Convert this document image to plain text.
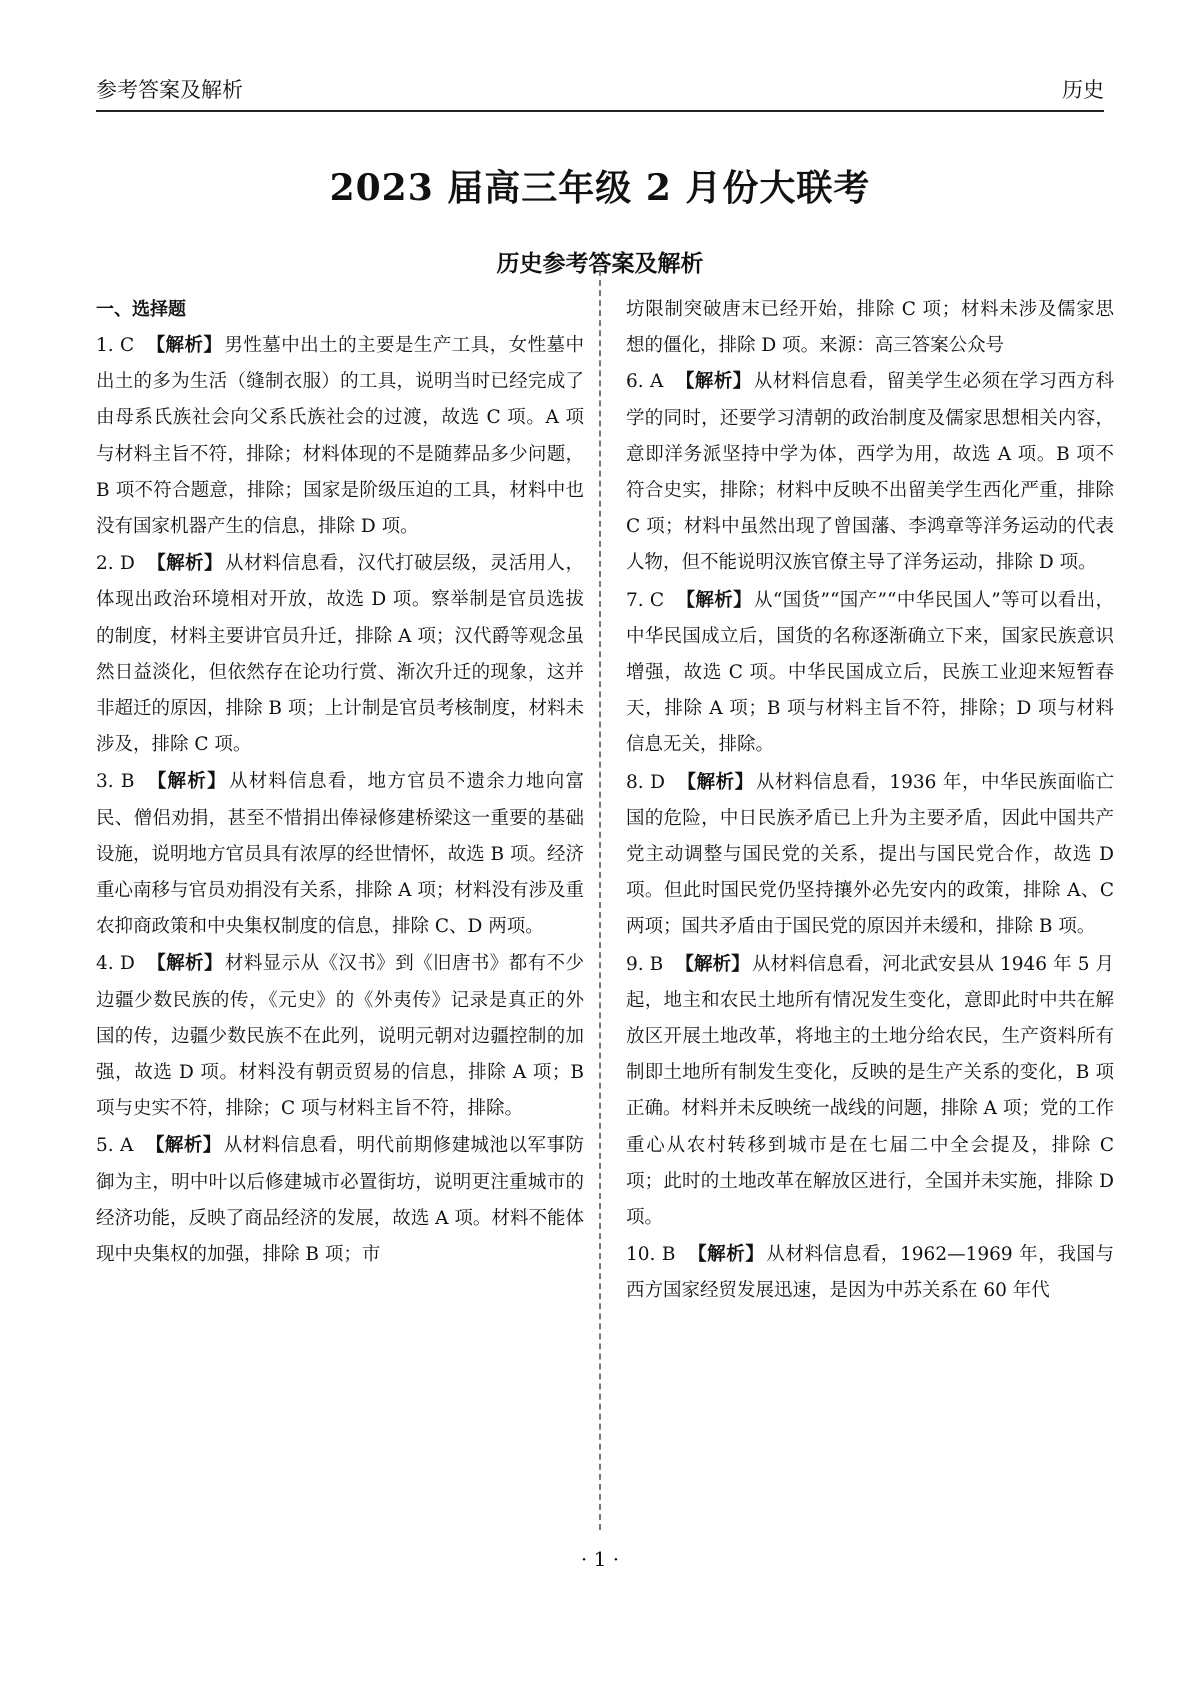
参考答案及解析	历史
2023 届高三年级 2 月份大联考
历史参考答案及解析
一、选择题
1. C 【解析】 男性墓中出土的主要是生产工具，女性墓中出土的多为生活（缝制衣服）的工具，说明当时已经完成了由母系氏族社会向父系氏族社会的过渡，故选 C 项。A 项与材料主旨不符，排除；材料体现的不是随葬品多少问题，B 项不符合题意，排除；国家是阶级压迫的工具，材料中也没有国家机器产生的信息，排除 D 项。
2. D 【解析】 从材料信息看，汉代打破层级，灵活用人，体现出政治环境相对开放，故选 D 项。察举制是官员选拔的制度，材料主要讲官员升迁，排除 A 项；汉代爵等观念虽然日益淡化，但依然存在论功行赏、渐次升迁的现象，这并非超迁的原因，排除 B 项；上计制是官员考核制度，材料未涉及，排除 C 项。
3. B 【解析】 从材料信息看，地方官员不遗余力地向富民、僧侣劝捐，甚至不惜捐出俸禄修建桥梁这一重要的基础设施，说明地方官员具有浓厚的经世情怀，故选 B 项。经济重心南移与官员劝捐没有关系，排除 A 项；材料没有涉及重农抑商政策和中央集权制度的信息，排除 C、D 两项。
4. D 【解析】 材料显示从《汉书》到《旧唐书》都有不少边疆少数民族的传，《元史》的《外夷传》记录是真正的外国的传，边疆少数民族不在此列，说明元朝对边疆控制的加强，故选 D 项。材料没有朝贡贸易的信息，排除 A 项；B 项与史实不符，排除；C 项与材料主旨不符，排除。
5. A 【解析】 从材料信息看，明代前期修建城池以军事防御为主，明中叶以后修建城市必置街坊，说明更注重城市的经济功能，反映了商品经济的发展，故选 A 项。材料不能体现中央集权的加强，排除 B 项；市

坊限制突破唐末已经开始，排除 C 项；材料未涉及儒家思想的僵化，排除 D 项。来源：高三答案公众号

6. A 【解析】 从材料信息看，留美学生必须在学习西方科学的同时，还要学习清朝的政治制度及儒家思想相关内容，意即洋务派坚持中学为体，西学为用，故选 A 项。B 项不符合史实，排除；材料中反映不出留美学生西化严重，排除 C 项；材料中虽然出现了曾国藩、李鸿章等洋务运动的代表人物，但不能说明汉族官僚主导了洋务运动，排除 D 项。
7. C 【解析】 从“国货”“国产”“中华民国人”等可以看出，中华民国成立后，国货的名称逐渐确立下来，国家民族意识增强，故选 C 项。中华民国成立后，民族工业迎来短暂春天，排除 A 项；B 项与材料主旨不符，排除；D 项与材料信息无关，排除。
8. D 【解析】 从材料信息看，1936 年，中华民族面临亡国的危险，中日民族矛盾已上升为主要矛盾，因此中国共产党主动调整与国民党的关系，提出与国民党合作，故选 D 项。但此时国民党仍坚持攘外必先安内的政策，排除 A、C 两项；国共矛盾由于国民党的原因并未缓和，排除 B 项。
9. B 【解析】 从材料信息看，河北武安县从 1946 年 5 月起，地主和农民土地所有情况发生变化，意即此时中共在解放区开展土地改革，将地主的土地分给农民，生产资料所有制即土地所有制发生变化，反映的是生产关系的变化，B 项正确。材料并未反映统一战线的问题，排除 A 项；党的工作重心从农村转移到城市是在七届二中全会提及，排除 C 项；此时的土地改革在解放区进行，全国并未实施，排除 D 项。
10. B 【解析】 从材料信息看，1962—1969 年，我国与西方国家经贸发展迅速，是因为中苏关系在 60 年代
· 1 ·
